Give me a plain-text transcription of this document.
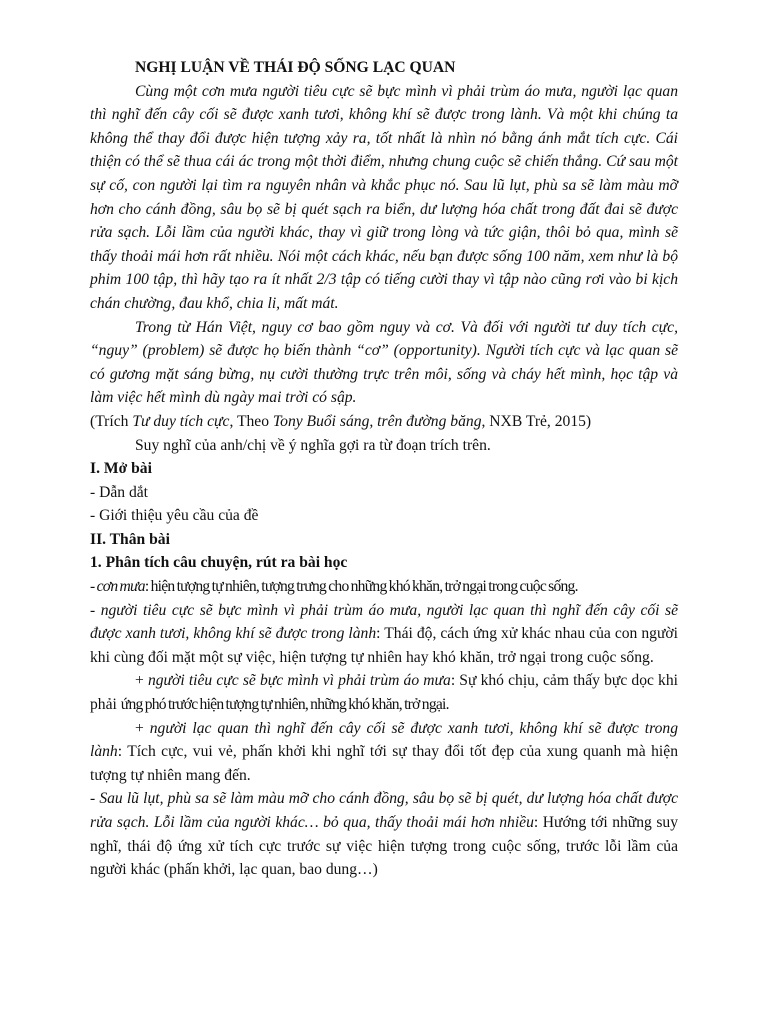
NGHỊ LUẬN VỀ THÁI ĐỘ SỐNG LẠC QUAN

Cùng một cơn mưa người tiêu cực sẽ bực mình vì phải trùm áo mưa, người lạc quan thì nghĩ đến cây cối sẽ được xanh tươi, không khí sẽ được trong lành. Và một khi chúng ta không thể thay đổi được hiện tượng xảy ra, tốt nhất là nhìn nó bằng ánh mắt tích cực. Cái thiện có thể sẽ thua cái ác trong một thời điểm, nhưng chung cuộc sẽ chiến thắng. Cứ sau một sự cố, con người lại tìm ra nguyên nhân và khắc phục nó. Sau lũ lụt, phù sa sẽ làm màu mỡ hơn cho cánh đồng, sâu bọ sẽ bị quét sạch ra biển, dư lượng hóa chất trong đất đai sẽ được rửa sạch. Lỗi lầm của người khác, thay vì giữ trong lòng và tức giận, thôi bỏ qua, mình sẽ thấy thoải mái hơn rất nhiều. Nói một cách khác, nếu bạn được sống 100 năm, xem như là bộ phim 100 tập, thì hãy tạo ra ít nhất 2/3 tập có tiếng cười thay vì tập nào cũng rơi vào bi kịch chán chường, đau khổ, chia li, mất mát.

Trong từ Hán Việt, nguy cơ bao gồm nguy và cơ. Và đối với người tư duy tích cực, “nguy” (problem) sẽ được họ biến thành “cơ” (opportunity). Người tích cực và lạc quan sẽ có gương mặt sáng bừng, nụ cười thường trực trên môi, sống và cháy hết mình, học tập và làm việc hết mình dù ngày mai trời có sập.

(Trích Tư duy tích cực, Theo Tony Buổi sáng, trên đường băng, NXB Trẻ, 2015)

Suy nghĩ của anh/chị về ý nghĩa gợi ra từ đoạn trích trên.

I. Mở bài

- Dẫn dắt

- Giới thiệu yêu cầu của đề

II. Thân bài

1. Phân tích câu chuyện, rút ra bài học

- cơn mưa: hiện tượng tự nhiên, tượng trưng cho những khó khăn, trở ngại trong cuộc sống.

- người tiêu cực sẽ bực mình vì phải trùm áo mưa, người lạc quan thì nghĩ đến cây cối sẽ được xanh tươi, không khí sẽ được trong lành: Thái độ, cách ứng xử khác nhau của con người khi cùng đối mặt một sự việc, hiện tượng tự nhiên hay khó khăn, trở ngại trong cuộc sống.

+ người tiêu cực sẽ bực mình vì phải trùm áo mưa: Sự khó chịu, cảm thấy bực dọc khi phải ứng phó trước hiện tượng tự nhiên, những khó khăn, trở ngại.

+ người lạc quan thì nghĩ đến cây cối sẽ được xanh tươi, không khí sẽ được trong lành: Tích cực, vui vẻ, phấn khởi khi nghĩ tới sự thay đổi tốt đẹp của xung quanh mà hiện tượng tự nhiên mang đến.

- Sau lũ lụt, phù sa sẽ làm màu mỡ cho cánh đồng, sâu bọ sẽ bị quét, dư lượng hóa chất được rửa sạch. Lỗi lầm của người khác… bỏ qua, thấy thoải mái hơn nhiều: Hướng tới những suy nghĩ, thái độ ứng xử tích cực trước sự việc hiện tượng trong cuộc sống, trước lỗi lầm của người khác (phấn khởi, lạc quan, bao dung…)
